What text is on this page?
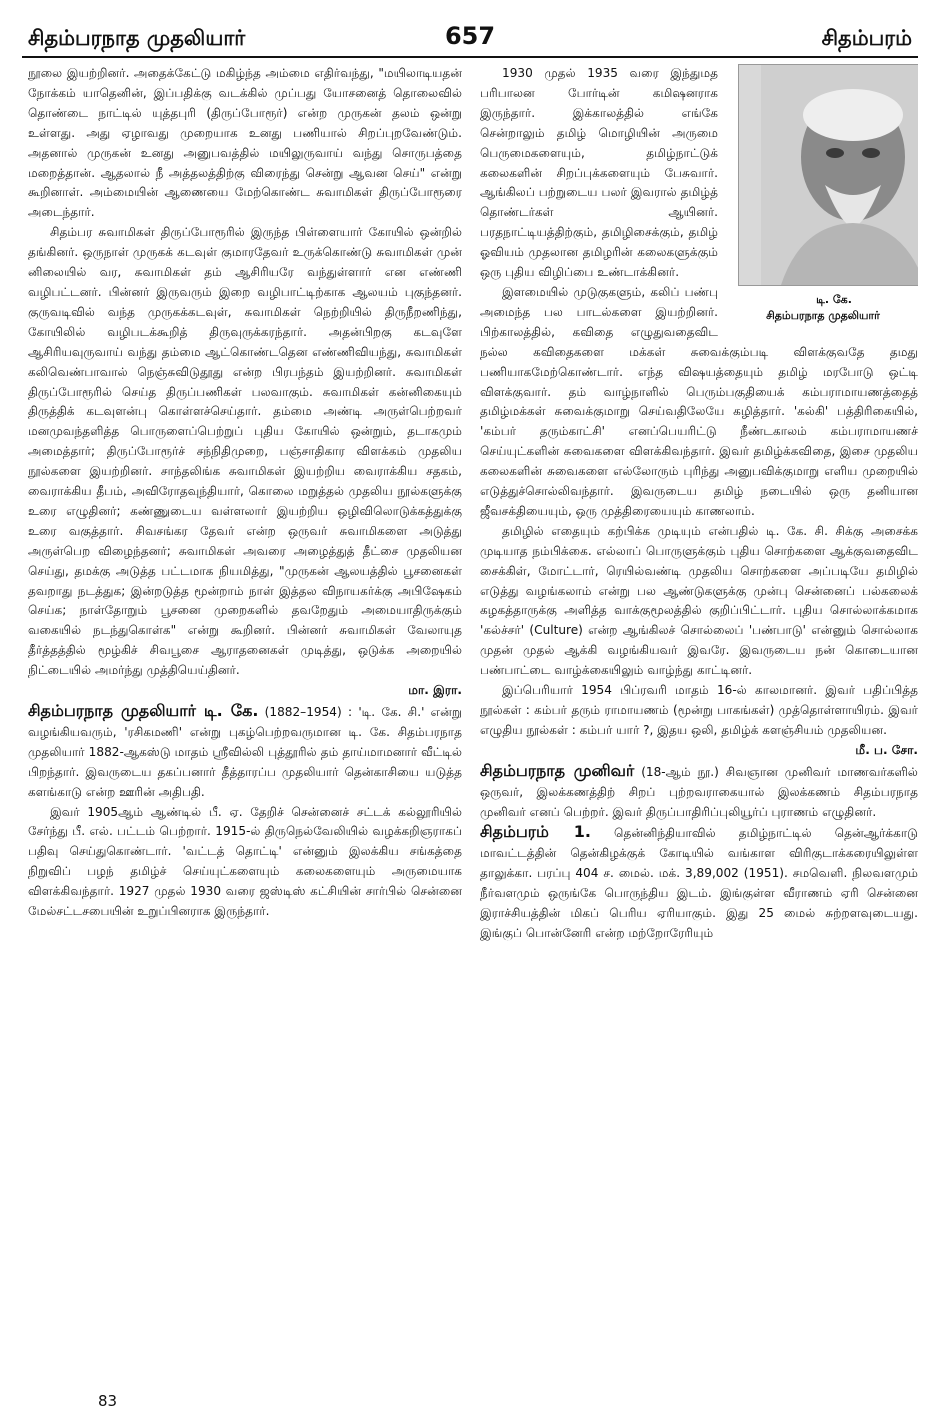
சிதம்பரநாத முதலியார்	657	சிதம்பரம்

நூலை இயற்றினர். அதைக்கேட்டு மகிழ்ந்த அம்மை எதிர்வந்து, "மயிலாடியதன் நோக்கம் யாதெனின், இப்பதிக்கு வடக்கில் முப்பது யோசனைத் தொலைவில் தொண்டை நாட்டில் யுத்தபுரி (திருப்போரூர்) என்ற முருகன் தலம் ஒன்று உள்ளது. அது ஏழாவது முறையாக உனது பணியால் சிறப்புறவேண்டும். அதனால் முருகன் உனது அனுபவத்தில் மயிலுருவாய் வந்து சொருபத்தை மறைத்தான். ஆதலால் நீ அத்தலத்திற்கு விரைந்து சென்று ஆவன செய்" என்று கூறினாள். அம்மையின் ஆணையை மேற்கொண்ட சுவாமிகள் திருப்போரூரை அடைந்தார்.

சிதம்பர சுவாமிகள் திருப்போரூரில் இருந்த பிள்ளையார் கோயில் ஒன்றில் தங்கினர். ஒருநாள் முருகக் கடவுள் குமாரதேவர் உருக்கொண்டு சுவாமிகள் முன் னிலையில் வர, சுவாமிகள் தம் ஆசிரியரே வந்துள்ளார் என எண்ணி வழிபட்டனர். பின்னர் இருவரும் இறை வழிபாட்டிற்காக ஆலயம் புகுந்தனர். குருவடிவில் வந்த முருகக்கடவுள், சுவாமிகள் நெற்றியில் திருநீறணிந்து, கோயிலில் வழிபடக்கூறித் திருவுருக்கரந்தார். அதன்பிறகு கடவுளே ஆசிரியவுருவாய் வந்து தம்மை ஆட்கொண்டதென எண்ணிவியந்து, சுவாமிகள் கலிவெண்பாவால் நெஞ்சுவிடுதூது என்ற பிரபந்தம் இயற்றினர். சுவாமிகள் திருப்போரூரில் செய்த திருப்பணிகள் பலவாகும். சுவாமிகள் கன்னிகையும் திருத்திக் கடவுளன்பு கொள்ளச்செய்தார். தம்மை அண்டி அருள்பெற்றவர் மனமுவந்தளித்த பொருளைப்பெற்றுப் புதிய கோயில் ஒன்றும், தடாகமும் அமைத்தார்; திருப்போரூர்ச் சந்நிதிமுறை, பஞ்சாதிகார விளக்கம் முதலிய நூல்களை இயற்றினர். சாந்தலிங்க சுவாமிகள் இயற்றிய வைராக்கிய சதகம், வைராக்கிய தீபம், அவிரோதவுந்தியார், கொலை மறுத்தல் முதலிய நூல்களுக்கு உரை எழுதினர்; கண்ணுடைய வள்ளலார் இயற்றிய ஒழிவிலொடுக்கத்துக்கு உரை வகுத்தார். சிவசங்கர தேவர் என்ற ஒருவர் சுவாமிகளை அடுத்து அருள்பெற விழைந்தனர்; சுவாமிகள் அவரை அழைத்துத் தீட்சை முதலியன செய்து, தமக்கு அடுத்த பட்டமாக நியமித்து, "முருகன் ஆலயத்தில் பூசனைகள் தவறாது நடத்துக; இன்றடுத்த மூன்றாம் நாள் இத்தல விநாயகர்க்கு அபிஷேகம் செய்க; நாள்தோறும் பூசனை முறைகளில் தவறேதும் அமையாதிருக்கும் வகையில் நடந்துகொள்க" என்று கூறினர். பின்னர் சுவாமிகள் வேலாயுத தீர்த்தத்தில் மூழ்கிச் சிவபூசை ஆராதனைகள் முடித்து, ஒடுக்க அறையில் நிட்டையில் அமர்ந்து முத்தியெய்தினர்.

மா. இரா.

சிதம்பரநாத முதலியார் டி. கே. (1882–1954) : 'டி. கே. சி.' என்று வழங்கியவரும், 'ரசிகமணி' என்று புகழ்பெற்றவருமான டி. கே. சிதம்பரநாத முதலியார் 1882-ஆகஸ்டு மாதம் ஸ்ரீவில்லி புத்தூரில் தம் தாய்மாமனார் வீட்டில் பிறந்தார். இவருடைய தகப்பனார் தீத்தாரப்ப முதலியார் தென்காசியை யடுத்த களங்காடு என்ற ஊரின் அதிபதி.

இவர் 1905ஆம் ஆண்டில் பீ. ஏ. தேறிச் சென்னைச் சட்டக் கல்லூரியில் சேர்ந்து பீ. எல். பட்டம் பெற்றார். 1915-ல் திருநெல்வேலியில் வழக்கறிஞராகப் பதிவு செய்துகொண்டார். 'வட்டத் தொட்டி' என்னும் இலக்கிய சங்கத்தை நிறுவிப் பழந் தமிழ்ச் செய்யுட்களையும் கலைகளையும் அருமையாக விளக்கிவந்தார். 1927 முதல் 1930 வரை ஜஸ்டிஸ் கட்சியின் சார்பில் சென்னை மேல்சட்டசபையின் உறுப்பினராக இருந்தார்.

டி. கே.
சிதம்பரநாத முதலியார்
1930 முதல் 1935 வரை இந்துமத பரிபாலன போர்டின் கமிஷனராக இருந்தார். இக்காலத்தில் எங்கே சென்றாலும் தமிழ் மொழியின் அருமை பெருமைகளையும், தமிழ்நாட்டுக் கலைகளின் சிறப்புக்களையும் பேசுவார். ஆங்கிலப் பற்றுடைய பலர் இவரால் தமிழ்த் தொண்டர்கள் ஆயினர். பரதநாட்டியத்திற்கும், தமிழிசைக்கும், தமிழ் ஓவியம் முதலான தமிழரின் கலைகளுக்கும் ஒரு புதிய விழிப்பை உண்டாக்கினர்.

இளமையில் முடுகுகளும், கலிப் பண்பு அமைந்த பல பாடல்களை இயற்றினர். பிற்காலத்தில், கவிதை எழுதுவதைவிட நல்ல கவிதைகளை மக்கள் சுவைக்கும்படி விளக்குவதே தமது பணியாகமேற்கொண்டார். எந்த விஷயத்தையும் தமிழ் மரபோடு ஒட்டி விளக்குவார். தம் வாழ்நாளில் பெரும்பகுதியைக் கம்பராமாயணத்தைத் தமிழ்மக்கள் சுவைக்குமாறு செய்வதிலேயே கழித்தார். 'கல்கி' பத்திரிகையில், 'கம்பர் தரும்காட்சி' எனப்பெயரிட்டு நீண்டகாலம் கம்பராமாயணச் செய்யுட்களின் சுவைகளை விளக்கிவந்தார். இவர் தமிழ்க்கவிதை, இசை முதலிய கலைகளின் சுவைகளை எல்லோரும் புரிந்து அனுபவிக்குமாறு எளிய முறையில் எடுத்துச்சொல்லிவந்தார். இவருடைய தமிழ் நடையில் ஒரு தனியான ஜீவசக்தியையும், ஒரு முத்திரையையும் காணலாம்.

தமிழில் எதையும் கற்பிக்க முடியும் என்பதில் டி. கே. சி. சிக்கு அசைக்க முடியாத நம்பிக்கை. எல்லாப் பொருளுக்கும் புதிய சொற்களை ஆக்குவதைவிட சைக்கிள், மோட்டார், ரெயில்வண்டி முதலிய சொற்களை அப்படியே தமிழில் எடுத்து வழங்கலாம் என்று பல ஆண்டுகளுக்கு முன்பு சென்னைப் பல்கலைக் கழகத்தாருக்கு அளித்த வாக்குமூலத்தில் குறிப்பிட்டார். புதிய சொல்லாக்கமாக 'கல்ச்சர்' (Culture) என்ற ஆங்கிலச் சொல்லைப் 'பண்பாடு' என்னும் சொல்லாக முதன் முதல் ஆக்கி வழங்கியவர் இவரே. இவருடைய நன் கொடையான பண்பாட்டை வாழ்க்கையிலும் வாழ்ந்து காட்டினர்.

இப்பெரியார் 1954 பிப்ரவரி மாதம் 16-ல் காலமானர். இவர் பதிப்பித்த நூல்கள் : கம்பர் தரும் ராமாயணம் (மூன்று பாகங்கள்) முத்தொள்ளாயிரம். இவர் எழுதிய நூல்கள் : கம்பர் யார் ?, இதய ஒலி, தமிழ்க் களஞ்சியம் முதலியன.

மீ. ப. சோ.

சிதம்பரநாத முனிவர் (18-ஆம் நூ.) சிவஞான முனிவர் மாணவர்களில் ஒருவர், இலக்கணத்திற் சிறப் புற்றவராகையால் இலக்கணம் சிதம்பரநாத முனிவர் எனப் பெற்றர். இவர் திருப்பாதிரிப்புலியூர்ப் புராணம் எழுதினர்.

சிதம்பரம் 1. தென்னிந்தியாவில் தமிழ்நாட்டில் தென்ஆர்க்காடு மாவட்டத்தின் தென்கிழக்குக் கோடியில் வங்காள விரிகுடாக்கரையிலுள்ள தாலுக்கா. பரப்பு 404 ச. மைல். மக். 3,89,002 (1951). சமவெளி. நிலவளமும் நீர்வளமும் ஒருங்கே பொருந்திய இடம். இங்குள்ள வீராணம் ஏரி சென்னை இராச்சியத்தின் மிகப் பெரிய ஏரியாகும். இது 25 மைல் சுற்றளவுடையது. இங்குப் பொன்னேரி என்ற மற்றோரேரியும்

83
